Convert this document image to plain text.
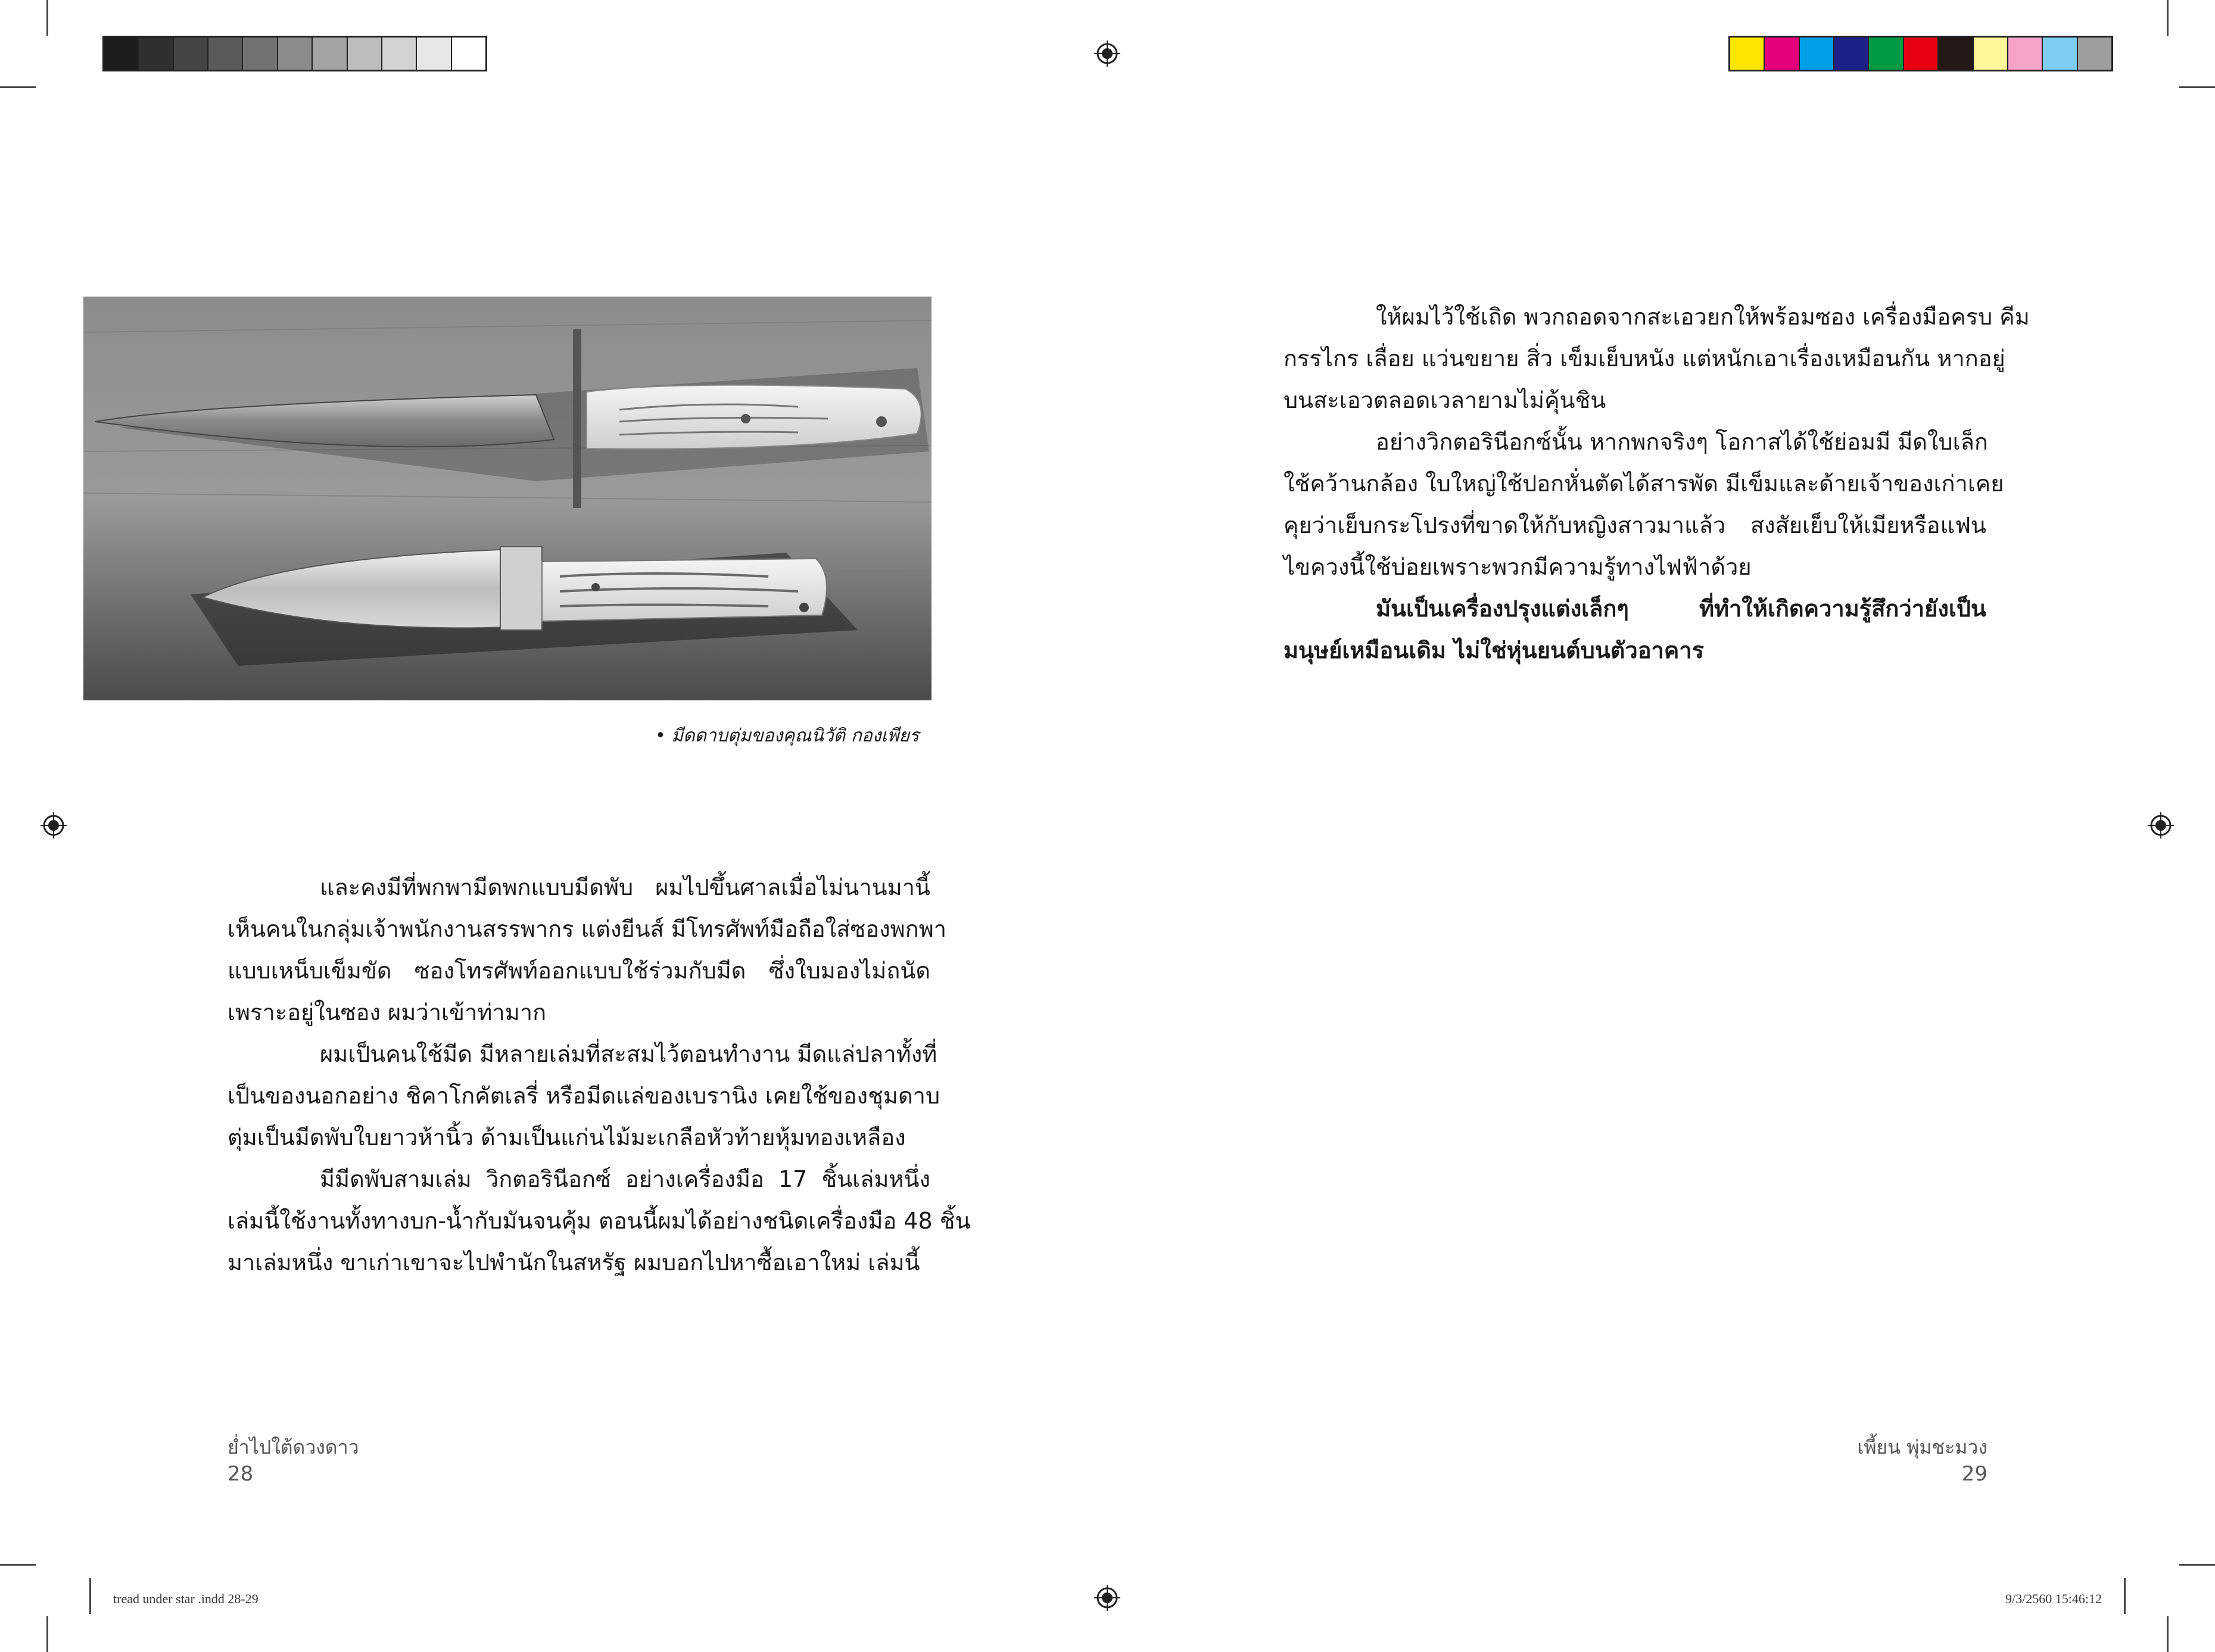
• มีดดาบตุ่มของคุณนิวัติ กองเพียร
และคงมีที่พกพามีดพกแบบมีดพับ ผมไปขึ้นศาลเมื่อไม่นานมานี้
เห็นคนในกลุ่มเจ้าพนักงานสรรพากร แต่งยีนส์ มีโทรศัพท์มือถือใส่ซองพกพา
แบบเหน็บเข็มขัด ซองโทรศัพท์ออกแบบใช้ร่วมกับมีด ซึ่งใบมองไม่ถนัด
เพราะอยู่ในซอง ผมว่าเข้าท่ามาก
ผมเป็นคนใช้มีด มีหลายเล่มที่สะสมไว้ตอนทำงาน มีดแล่ปลาทั้งที่
เป็นของนอกอย่าง ชิคาโกคัตเลรี่ หรือมีดแล่ของเบรานิง เคยใช้ของชุมดาบ
ตุ่มเป็นมีดพับใบยาวห้านิ้ว ด้ามเป็นแก่นไม้มะเกลือหัวท้ายหุ้มทองเหลือง
มีมีดพับสามเล่ม วิกตอรินีอกซ์ อย่างเครื่องมือ 17 ชิ้นเล่มหนึ่ง
เล่มนี้ใช้งานทั้งทางบก-น้ำกับมันจนคุ้ม ตอนนี้ผมได้อย่างชนิดเครื่องมือ 48 ชิ้น
มาเล่มหนึ่ง ขาเก่าเขาจะไปพำนักในสหรัฐ ผมบอกไปหาซื้อเอาใหม่ เล่มนี้
ให้ผมไว้ใช้เถิด พวกถอดจากสะเอวยกให้พร้อมซอง เครื่องมือครบ คีม
กรรไกร เลื่อย แว่นขยาย สิ่ว เข็มเย็บหนัง แต่หนักเอาเรื่องเหมือนกัน หากอยู่
บนสะเอวตลอดเวลายามไม่คุ้นชิน
อย่างวิกตอรินีอกซ์นั้น หากพกจริงๆ โอกาสได้ใช้ย่อมมี มีดใบเล็ก
ใช้คว้านกล้อง ใบใหญ่ใช้ปอกหั่นตัดได้สารพัด มีเข็มและด้ายเจ้าของเก่าเคย
คุยว่าเย็บกระโปรงที่ขาดให้กับหญิงสาวมาแล้ว สงสัยเย็บให้เมียหรือแฟน
ไขควงนี้ใช้บ่อยเพราะพวกมีความรู้ทางไฟฟ้าด้วย
มันเป็นเครื่องปรุงแต่งเล็กๆ ที่ทำให้เกิดความรู้สึกว่ายังเป็น
มนุษย์เหมือนเดิม ไม่ใช่หุ่นยนต์บนตัวอาคาร
ย่ำไปใต้ดวงดาว
28
เพี้ยน พุ่มชะมวง
29
tread under star .indd 28-29	9/3/2560 15:46:12
